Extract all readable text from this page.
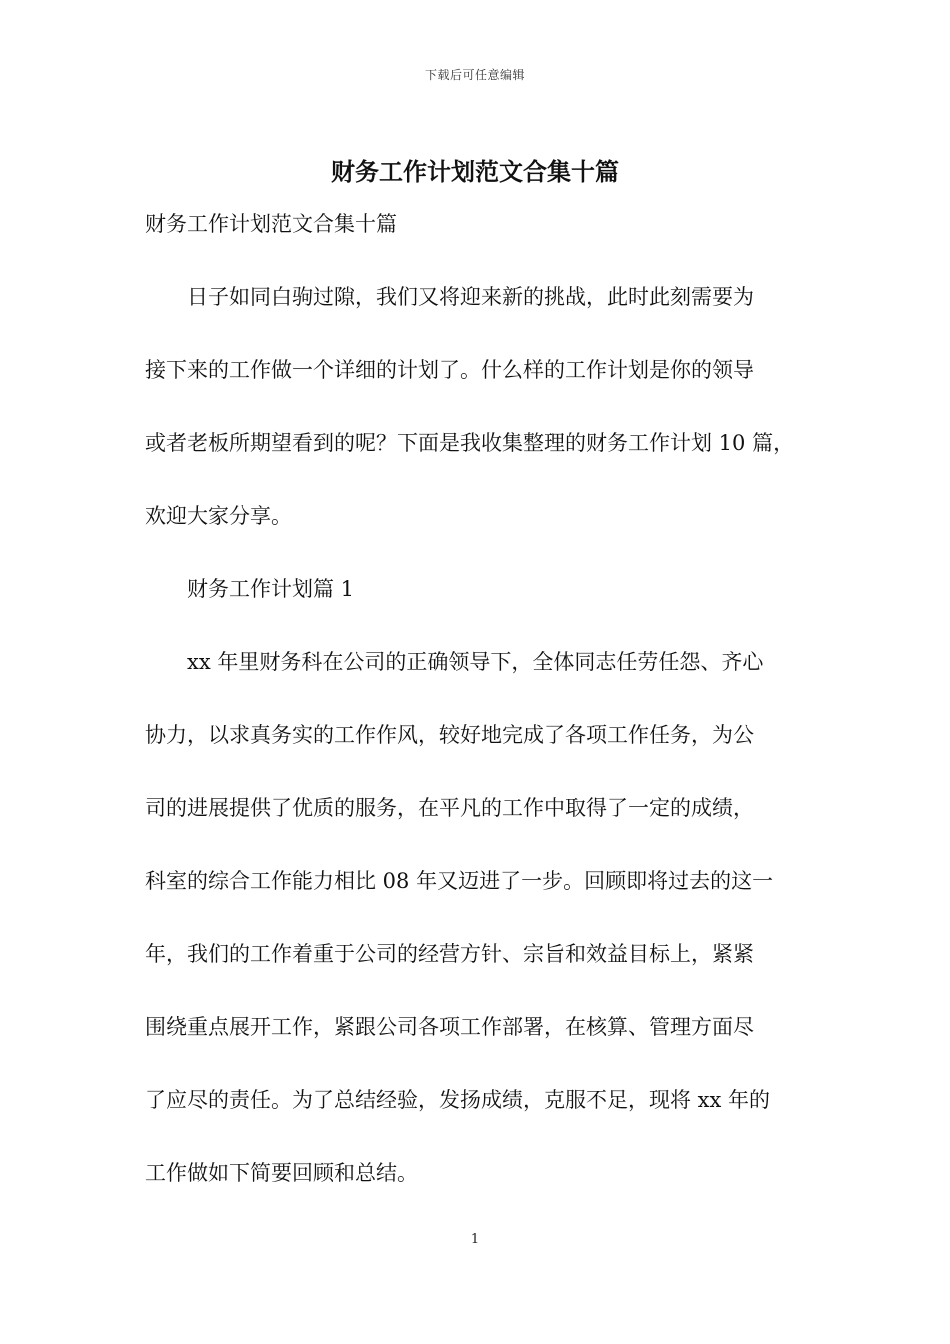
下载后可任意编辑
财务工作计划范文合集十篇

财务工作计划范文合集十篇

日子如同白驹过隙，我们又将迎来新的挑战，此时此刻需要为
接下来的工作做一个详细的计划了。什么样的工作计划是你的领导
或者老板所期望看到的呢？下面是我收集整理的财务工作计划 10 篇，
欢迎大家分享。

财务工作计划篇 1

xx 年里财务科在公司的正确领导下，全体同志任劳任怨、齐心
协力，以求真务实的工作作风，较好地完成了各项工作任务，为公
司的进展提供了优质的服务，在平凡的工作中取得了一定的成绩，
科室的综合工作能力相比 08 年又迈进了一步。回顾即将过去的这一
年，我们的工作着重于公司的经营方针、宗旨和效益目标上，紧紧
围绕重点展开工作，紧跟公司各项工作部署，在核算、管理方面尽
了应尽的责任。为了总结经验，发扬成绩，克服不足，现将 xx 年的
工作做如下简要回顾和总结。

1
